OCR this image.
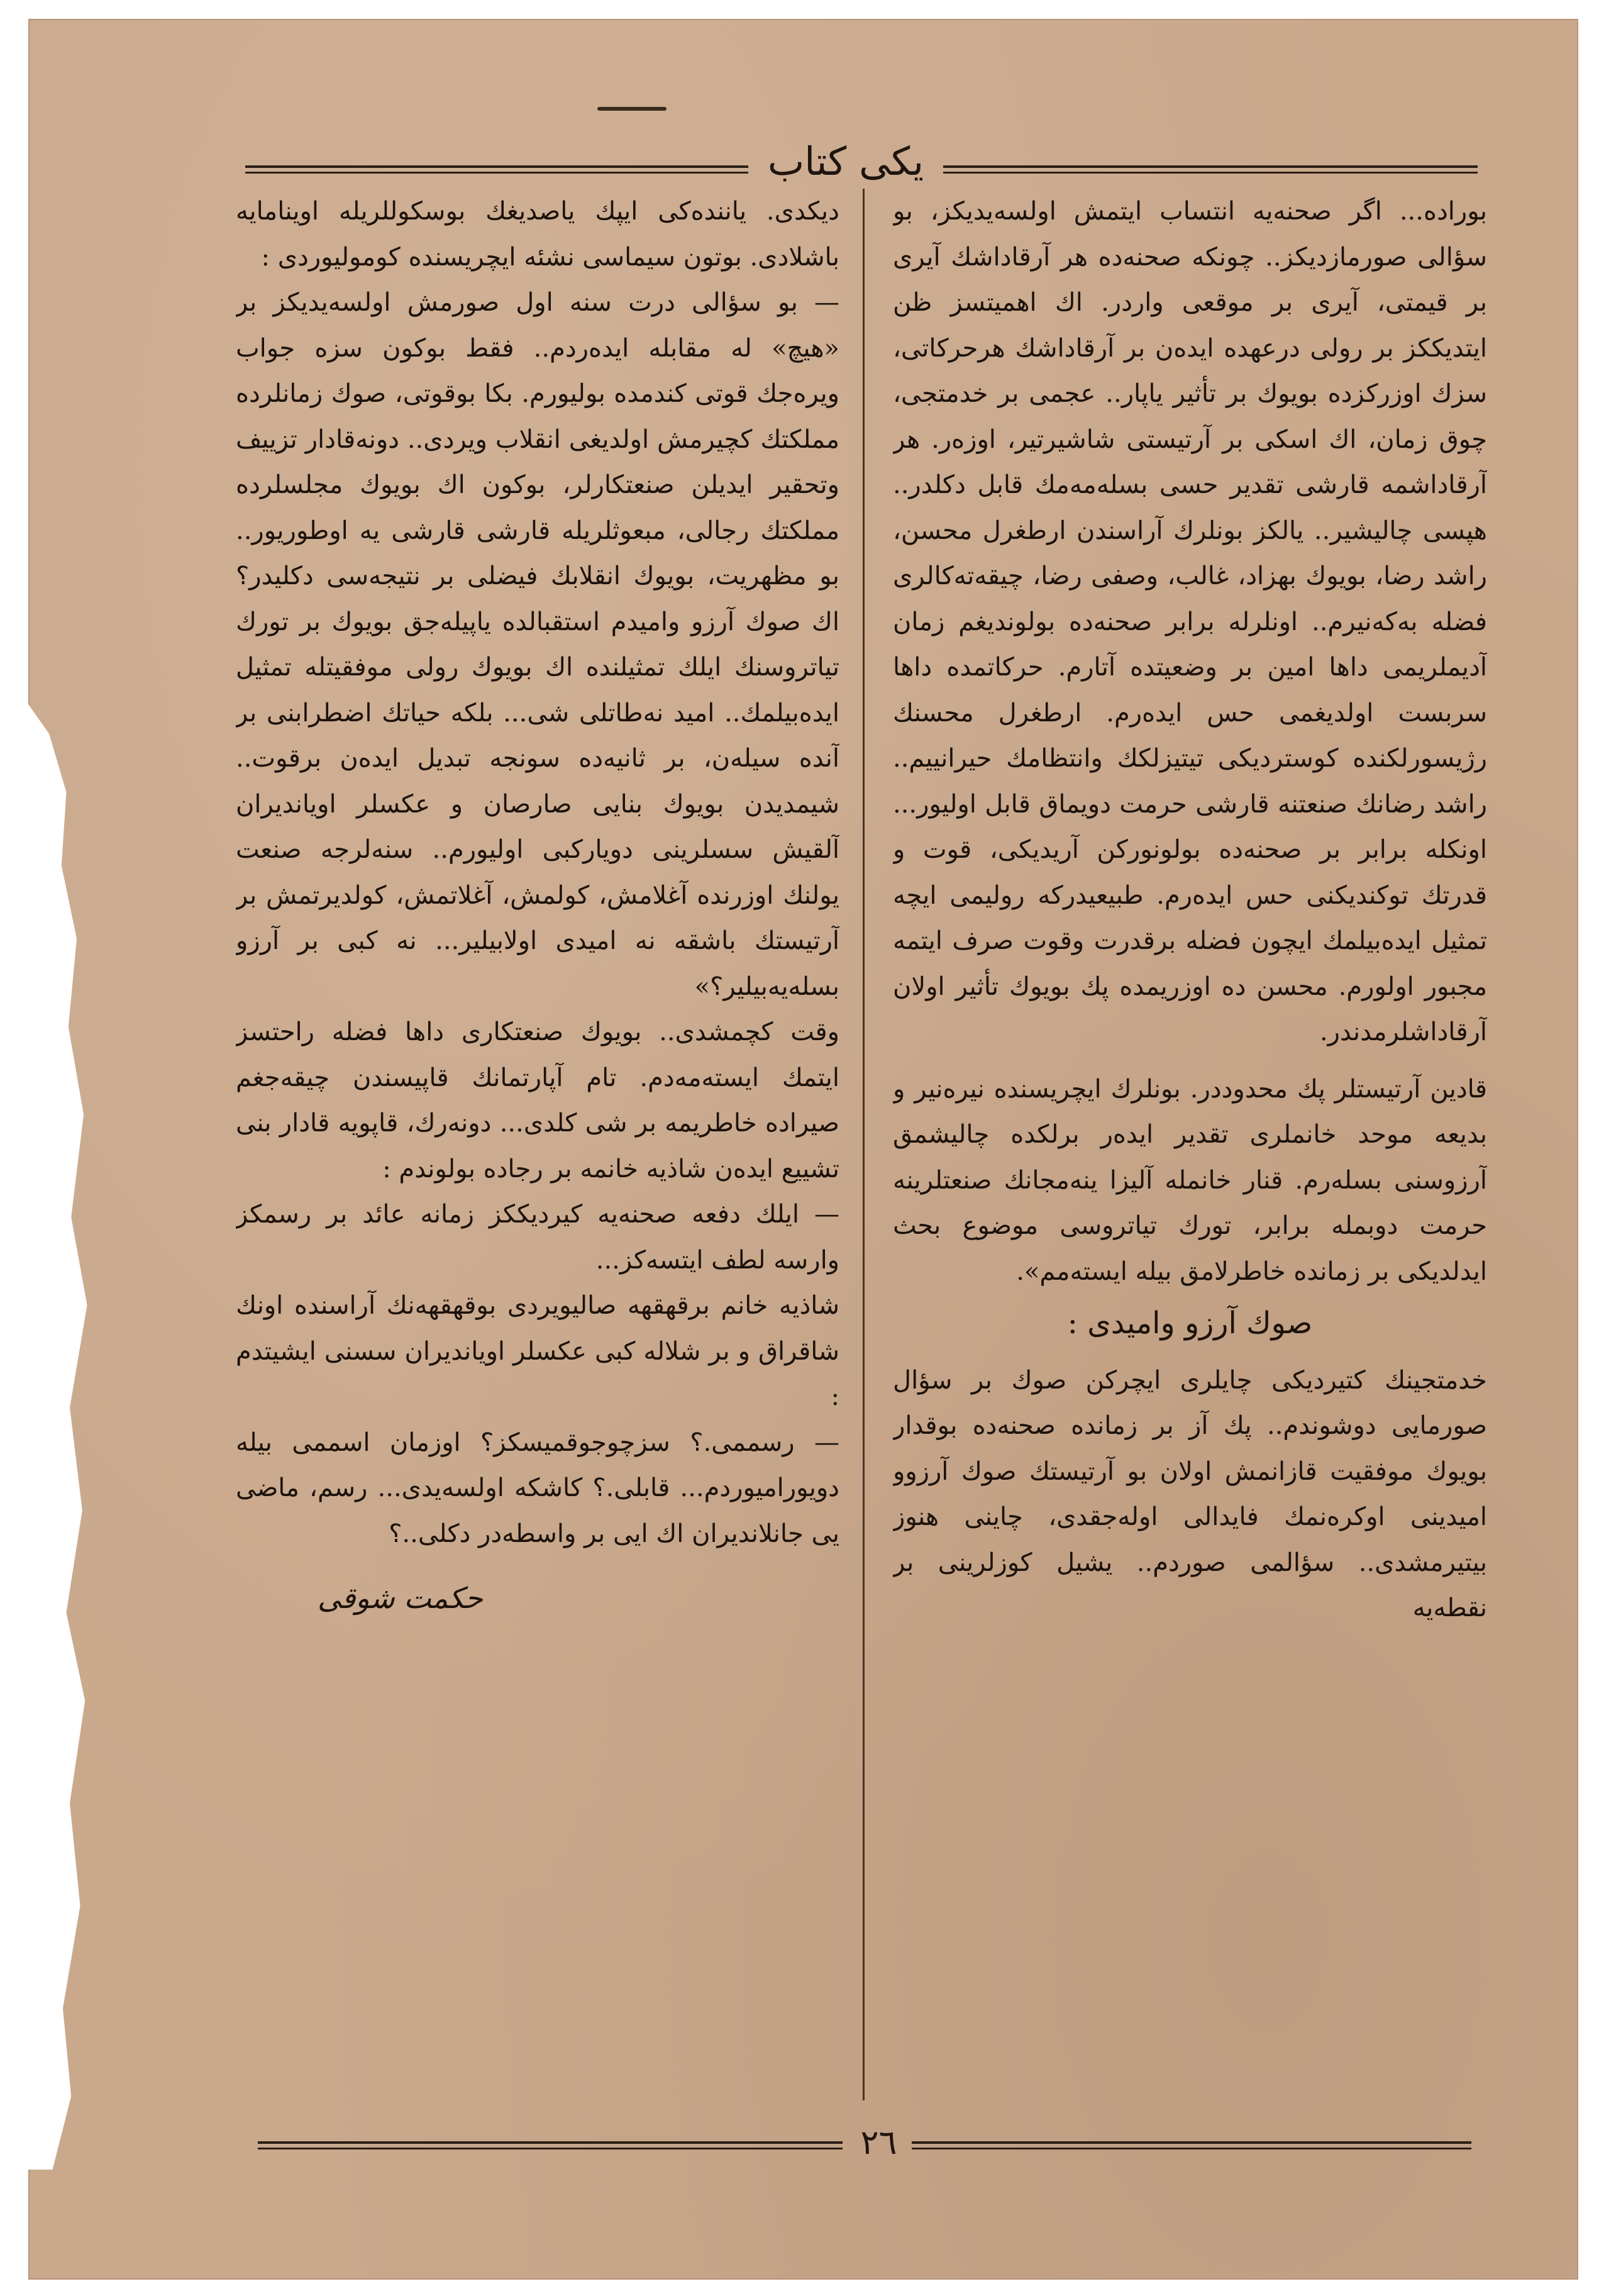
یکی کتاب

بورادە... اگر صحنەیە انتساب ایتمش اولسەیدیکز، بو سؤالی صورمازدیکز.. چونکە صحنەدە هر آرقاداشك آیری بر قیمتی، آیری بر موقعی واردر. اك اهمیتسز ظن ایتدیککز بر رولی درعهدە ایدەن بر آرقاداشك هرحرکاتی، سزك اوزرکزدە بویوك بر تأثیر یاپار.. عجمی بر خدمتجی، چوق زمان، اك اسكی بر آرتیستی شاشیرتیر، اوزەر. هر آرقاداشمە قارشی تقدیر حسی بسلەمەمك قابل دکلدر.. هپسی چالیشیر.. یالکز بونلرك آراسندن ارطغرل محسن، راشد رضا، بویوك بهزاد، غالب، وصفی رضا، چیقەتەکالری فضلە بەکەنیرم.. اونلرلە برابر صحنەدە بولوندیغم زمان آدیملریمی داها امین بر وضعیتدە آتارم. حرکاتمدە داها سربست اولدیغمی حس ایدەرم. ارطغرل محسنك رژیسورلکندە کوستردیکی تیتیزلکك وانتظامك حیرانییم.. راشد رضانك صنعتنە قارشی حرمت دویماق قابل اولیور... اونکلە برابر بر صحنەدە بولونورکن آریدیکی، قوت و قدرتك توکندیکنی حس ایدەرم. طبیعیدرکە رولیمی ایچە تمثیل ایدەبیلمك ایچون فضلە برقدرت وقوت صرف ایتمە مجبور اولورم. محسن دە اوزریمدە پك بویوك تأثیر اولان آرقاداشلرمدندر.

قادین آرتیستلر پك محدوددر. بونلرك ایچریسندە نیرەنیر و بدیعە موحد خانملری تقدیر ایدەر برلکدە چالیشمق آرزوسنی بسلەرم. قنار خانملە آلیزا ینەمجانك صنعتلرینە حرمت دوبملە برابر، تورك تیاتروسی موضوع بحث ایدلدیکی بر زماندە خاطرلامق بیلە ایستەمم».

صوك آرزو وامیدی :

خدمتجینك کتیردیکی چایلری ایچرکن صوك بر سؤال صورمایی دوشوندم.. پك آز بر زماندە صحنەدە بوقدار بویوك موفقیت قازانمش اولان بو آرتیستك صوك آرزوو امیدینی اوکرەنمك فایدالی اولەجقدی، چاینی هنوز بیتیرمشدی.. سؤالمی صوردم.. یشیل کوزلرینی بر نقطەیە

دیکدی. یانندەکی ایپك یاصدیغك بوسکوللریلە اوینامایە باشلادی. بوتون سیماسی نشئە ایچریسندە کومولیوردی :

— بو سؤالی درت سنە اول صورمش اولسەیدیکز بر «هیچ» لە مقابلە ایدەردم.. فقط بوکون سزە جواب ویرەجك قوتی کندمدە بولیورم. بکا بوقوتی، صوك زمانلردە مملکتك کچیرمش اولدیغی انقلاب ویردی.. دونەقادار تزییف وتحقیر ایدیلن صنعتکارلر، بوکون اك بویوك مجلسلردە مملکتك رجالی، مبعوثلریلە قارشی قارشی یە اوطوریور.. بو مظهریت، بویوك انقلابك فیضلی بر نتیجەسی دکلیدر؟ اك صوك آرزو وامیدم استقبالدە یاپیلەجق بویوك بر تورك تیاتروسنك ایلك تمثیلندە اك بویوك رولی موفقیتلە تمثیل ایدەبیلمك.. امید نەطاتلی شی... بلکە حیاتك اضطرابنی بر آندە سیلەن، بر ثانیەدە سونجە تبدیل ایدەن برقوت.. شیمدیدن بویوك بنایی صارصان و عکسلر اویاندیران آلقیش سسلرینی دویارکبی اولیورم.. سنەلرجە صنعت یولنك اوزرندە آغلامش، کولمش، آغلاتمش، کولدیرتمش بر آرتیستك باشقە نە امیدی اولابیلیر... نە کبی بر آرزو بسلەیەبیلیر؟»

وقت کچمشدی.. بویوك صنعتکاری داها فضلە راحتسز ایتمك ایستەمەدم. تام آپارتمانك قاپیسندن چیقەجغم صیرادە خاطریمە بر شی کلدی... دونەرك، قاپویە قادار بنی تشییع ایدەن شاذیە خانمە بر رجادە بولوندم :

— ایلك دفعە صحنەیە کیردیککز زمانە عائد بر رسمکز وارسە لطف ایتسەکز...

شاذیە خانم برقهقهە صالیویردی بوقهقهەنك آراسندە اونك شاقراق و بر شلالە کبی عکسلر اویاندیران سسنی ایشیتدم :

— رسممی.؟ سزچوجوقمیسکز؟ اوزمان اسممی بیلە دویورامیوردم... قابلی.؟ کاشکە اولسەیدی... رسم، ماضی یی جانلاندیران اك ایی بر واسطەدر دکلی..؟

حکمت شوقی

٢٦
